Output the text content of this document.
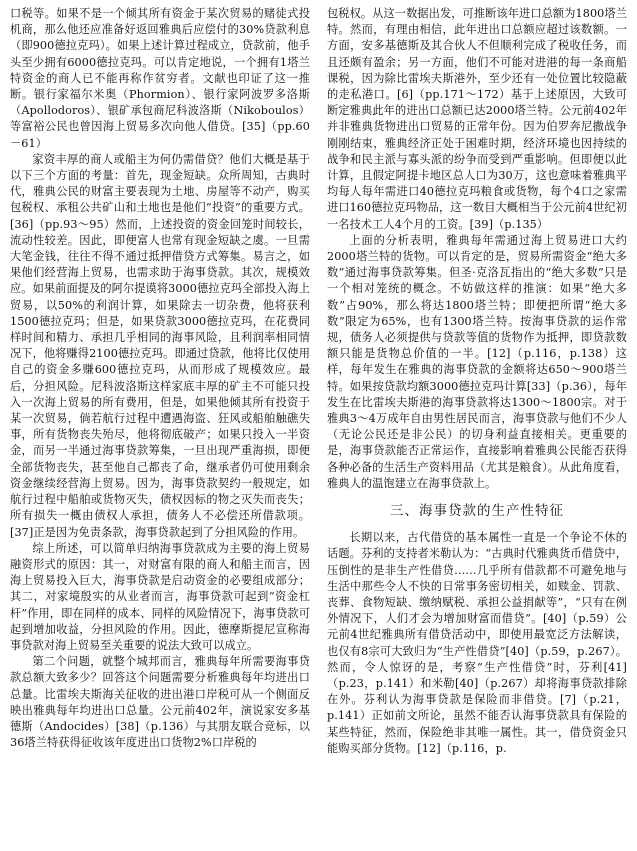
口税等。如果不是一个倾其所有资金于某次贸易的赌徒式投机商，那么他还应准备好返回雅典后应偿付的30%贷款利息（即900德拉克玛）。如果上述计算过程成立，贷款前，他手头至少拥有6000德拉克玛。可以肯定地说，一个拥有1塔兰特资金的商人已不能再称作贫穷者。文献也印证了这一推断。银行家福尔米奥（Phormion）、银行家阿波罗多洛斯（Apollodoros）、银矿承包商尼科波洛斯（Nikoboulos）等富裕公民也曾因海上贸易多次向他人借贷。[35]（pp.60－61）

家资丰厚的商人或船主为何仍需借贷？他们大概是基于以下三个方面的考量：首先，现金短缺。众所周知，古典时代，雅典公民的财富主要表现为土地、房屋等不动产，购买包税权、承租公共矿山和土地也是他们“投资”的重要方式。[36]（pp.93～95）然而，上述投资的资金回笼时间较长，流动性较差。因此，即便富人也常有现金短缺之虞。一旦需大笔金钱，往往不得不通过抵押借贷方式筹集。易言之，如果他们经营海上贸易，也需求助于海事贷款。其次，规模效应。如果前面提及的阿尔提谟将3000德拉克玛全部投入海上贸易，以50%的利润计算，如果除去一切杂费，他将获利1500德拉克玛；但是，如果贷款3000德拉克玛，在花费同样时间和精力、承担几乎相同的海事风险，且利润率相同情况下，他将赚得2100德拉克玛。即通过贷款，他将比仅使用自己的资金多赚600德拉克玛，从而形成了规模效应。最后，分担风险。尼科波洛斯这样家底丰厚的矿主不可能只投入一次海上贸易的所有费用，但是，如果他倾其所有投资于某一次贸易，倘若航行过程中遭遇海盗、狂风或船舶触礁失事，所有货物丧失殆尽，他将彻底破产；如果只投入一半资金，而另一半通过海事贷款筹集，一旦出现严重海损，即便全部货物丧失，甚至他自己都丧了命，继承者仍可使用剩余资金继续经营海上贸易。因为，海事贷款契约一般规定，如航行过程中船舶或货物灭失，债权因标的物之灭失而丧失；所有损失一概由债权人承担，债务人不必偿还所借款项。[37]正是因为免责条款，海事贷款起到了分担风险的作用。

综上所述，可以简单归纳海事贷款成为主要的海上贸易融资形式的原因：其一，对财富有限的商人和船主而言，因海上贸易投入巨大，海事贷款是启动资金的必要组成部分；其二，对家境殷实的从业者而言，海事贷款可起到“资金杠杆”作用，即在同样的成本、同样的风险情况下，海事贷款可起到增加收益，分担风险的作用。因此，德摩斯提尼宣称海事贷款对海上贸易至关重要的说法大致可以成立。

第二个问题，就整个城邦而言，雅典每年所需要海事贷款总额大致多少？回答这个问题需要分析雅典每年均进出口总量。比雷埃夫斯海关征收的进出港口岸税可从一个侧面反映出雅典每年均进出口总量。公元前402年，演说家安多基德斯（Andocides）[38]（p.136）与其朋友联合竞标，以36塔兰特获得征收该年度进出口货物2%口岸税的

包税权。从这一数据出发，可推断该年进口总额为1800塔兰特。然而，有理由相信，此年进出口总额应超过该数额。一方面，安多基德斯及其合伙人不但顺利完成了税收任务，而且还颇有盈余；另一方面，他们不可能对进港的每一条商船课税，因为除比雷埃夫斯港外，至少还有一处位置比较隐蔽的走私港口。[6]（pp.171～172）基于上述原因，大致可断定雅典此年的进出口总额已达2000塔兰特。公元前402年并非雅典货物进出口贸易的正常年份。因为伯罗奔尼撒战争刚刚结束，雅典经济正处于困难时期，经济环境也因持续的战争和民主派与寡头派的纷争而受到严重影响。但即便以此计算，且假定阿提卡地区总人口为30万，这也意味着雅典平均每人每年需进口40德拉克玛粮食或货物，每个4口之家需进口160德拉克玛物品，这一数目大概相当于公元前4世纪初一名技术工人4个月的工资。[39]（p.135）

上面的分析表明，雅典每年需通过海上贸易进口大约2000塔兰特的货物。可以肯定的是，贸易所需资金“绝大多数”通过海事贷款筹集。但圣·克洛瓦指出的“绝大多数”只是一个相对笼统的概念。不妨做这样的推演：如果“绝大多数”占90%，那么将达1800塔兰特；即便把所谓“绝大多数”限定为65%，也有1300塔兰特。按海事贷款的运作常规，债务人必须提供与贷款等值的货物作为抵押，即贷款数额只能是货物总价值的一半。[12]（p.116，p.138）这样，每年发生在雅典的海事贷款的金额将达650～900塔兰特。如果按贷款均额3000德拉克玛计算[33]（p.36），每年发生在比雷埃夫斯港的海事贷款将达1300～1800宗。对于雅典3～4万成年自由男性居民而言，海事贷款与他们不少人（无论公民还是非公民）的切身利益直接相关。更重要的是，海事贷款能否正常运作，直接影响着雅典公民能否获得各种必备的生活生产资料用品（尤其是粮食）。从此角度看，雅典人的温饱建立在海事贷款上。

三、海事贷款的生产性特征

长期以来，古代借贷的基本属性一直是一个争论不休的话题。芬利的支持者米勒认为：“古典时代雅典货币借贷中，压倒性的是非生产性借贷……几乎所有借款都不可避免地与生活中那些令人不快的日常事务密切相关，如赎金、罚款、丧葬、食物短缺、缴纳赋税、承担公益捐献等”，“只有在例外情况下，人们才会为增加财富而借贷”。[40]（p.59）公元前4世纪雅典所有借贷活动中，即使用最宽泛方法解读，也仅有8宗可大致归为“生产性借贷”[40]（p.59，p.267）。然而，令人惊讶的是，考察“生产性借贷”时，芬利[41]（p.23，p.141）和米勒[40]（p.267）却将海事贷款排除在外。芬利认为海事贷款是保险而非借贷。[7]（p.21，p.141）正如前文所论，虽然不能否认海事贷款具有保险的某些特征，然而，保险绝非其唯一属性。其一，借贷资金只能购买部分货物。[12]（p.116，p.
